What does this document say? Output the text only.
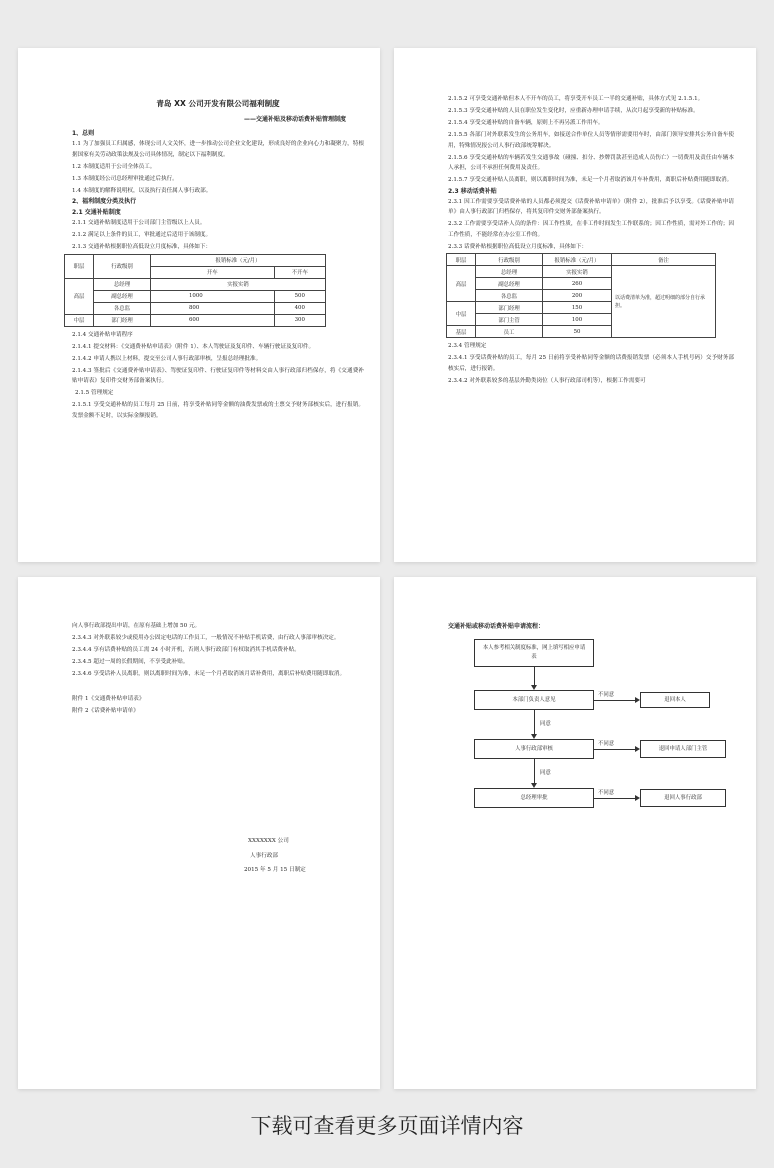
青岛 XX 公司开发有限公司福利制度
——交通补贴及移动话费补贴管理制度
1、总则
1.1 为了加强员工归属感，体现公司人文关怀，进一步推动公司企业文化建设，形成良好的企业向心力和凝聚力，特根据国家有关劳动政策法规及公司具体情况，制定以下福利制度。
1.2 本制度适用于公司全体员工。
1.3 本制度经公司总经理审批通过后执行。
1.4 本制度的解释说明权，以及执行责任属人事行政部。
2、福利制度分类及执行
2.1 交通补贴制度
2.1.1 交通补贴制度适用于公司部门主管级以上人员。
2.1.2 满足以上条件的员工，审批通过后适用于该制度。
2.1.3 交通补贴根据职位高低设立月度标准，具体如下：
职层	行政级别	报销标准（元/月）	
		开车	不开车
高层	总经理	实报实销	
	副总经理	1000	500
	各总监	800	400
中层	部门经理	600	300
2.1.4 交通补贴申请程序
2.1.4.1 提交材料：《交通费补贴申请表》（附件 1）、本人驾驶证及复印件、车辆行驶证及复印件。
2.1.4.2 申请人携以上材料，提交至公司人事行政部审核，呈报总经理批准。
2.1.4.3 签批后《交通费补贴申请表》、驾驶证复印件、行驶证复印件等材料交由人事行政部归档保存，将《交通费补贴申请表》复印件交财务部备案执行。
2.1.5 管理规定
2.1.5.1 享受交通补贴的员工每月 25 日前，将享受补贴同等金额的油费发票或的士票交予财务部核实后，进行报销。发票金额不足时，以实际金额报销。
2.1.5.2 可享受交通补贴但本人不开车的员工，将享受开车员工一半的交通补贴，具体方式见 2.1.5.1。
2.1.5.3 享受交通补贴的人员在职位发生变化时，应重新办理申请手续，从次月起享受新的补贴标准。
2.1.5.4 享受交通补贴的自备车辆，原则上不再另派工作用车。
2.1.5.5 各部门对外联系发生的公务用车，如接送合作单位人员等情形需要用车时，由部门领导安排其公务自备车使用，特殊情况报公司人事行政部统筹解决。
2.1.5.6 享受交通补贴的车辆若发生交通事故（碰撞、扣分、抄牌罚款甚至造成人员伤亡）一切费用及责任由车辆本人承担，公司不承担任何费用及责任。
2.1.5.7 享受交通补贴人员离职，则以离职时间为准，未足一个月者取消该月车补费用，离职后补贴费用随即取消。
2.3 移动话费补贴
2.3.1 因工作需要享受话费补贴的人员都必须提交《话费补贴申请单》（附件 2），批准后予以享受。《话费补贴申请单》由人事行政部门归档保存，将其复印件交财务部备案执行。
2.3.2 工作需要享受话补人员的条件：因工作性质，在非工作时间发生工作联系的；因工作性质，需对外工作的；因工作性质，不能经常在办公室工作的。
2.3.3 话费补贴根据职位高低设立月度标准，具体如下：
职层	行政级别	报销标准（元/月）	备注
高层	总经理	实报实销	以话费清单为准，超过明细的部分自行承担。
	副总经理	260	
	各总监	200	
中层	部门经理	150	
	部门主管	100	
基层	员工	50	
2.3.4 管理规定
2.3.4.1 享受话费补贴的员工，每月 25 日前将享受补贴同等金额的话费报销发票（必须本人手机号码）交予财务部核实后，进行报销。
2.3.4.2 对外联系较多的基层外勤类岗位（人事行政部司机等），根据工作需要可
向人事行政部提出申请，在原有基础上增加 50 元。
2.3.4.3 对外联系较少或使用办公固定电话的工作员工，一般情况不补贴手机话费，由行政人事部审核决定。
2.3.4.4 享有话费补贴的员工需 24 小时开机，否则人事行政部门有权取消其手机话费补贴。
2.3.4.5 超过一周的长假期间，不享受此补贴。
2.3.4.6 享受话补人员离职，则以离职时间为准，未足一个月者取消该月话补费用，离职后补贴费用随即取消。
附件 1《交通费补贴申请表》
附件 2《话费补贴申请单》
XXXXXXX 公司
人事行政部
2015 年 5 月 15 日制定
交通补贴或移动话费补贴申请流程：
本人参考相关制度标准，网上填写相应申请表
本部门负责人意见
不同意
退回本人
同意
人事行政部审核
不同意
退回申请人部门主管
同意
总经理审批
不同意
退回人事行政部
下载可查看更多页面详情内容
